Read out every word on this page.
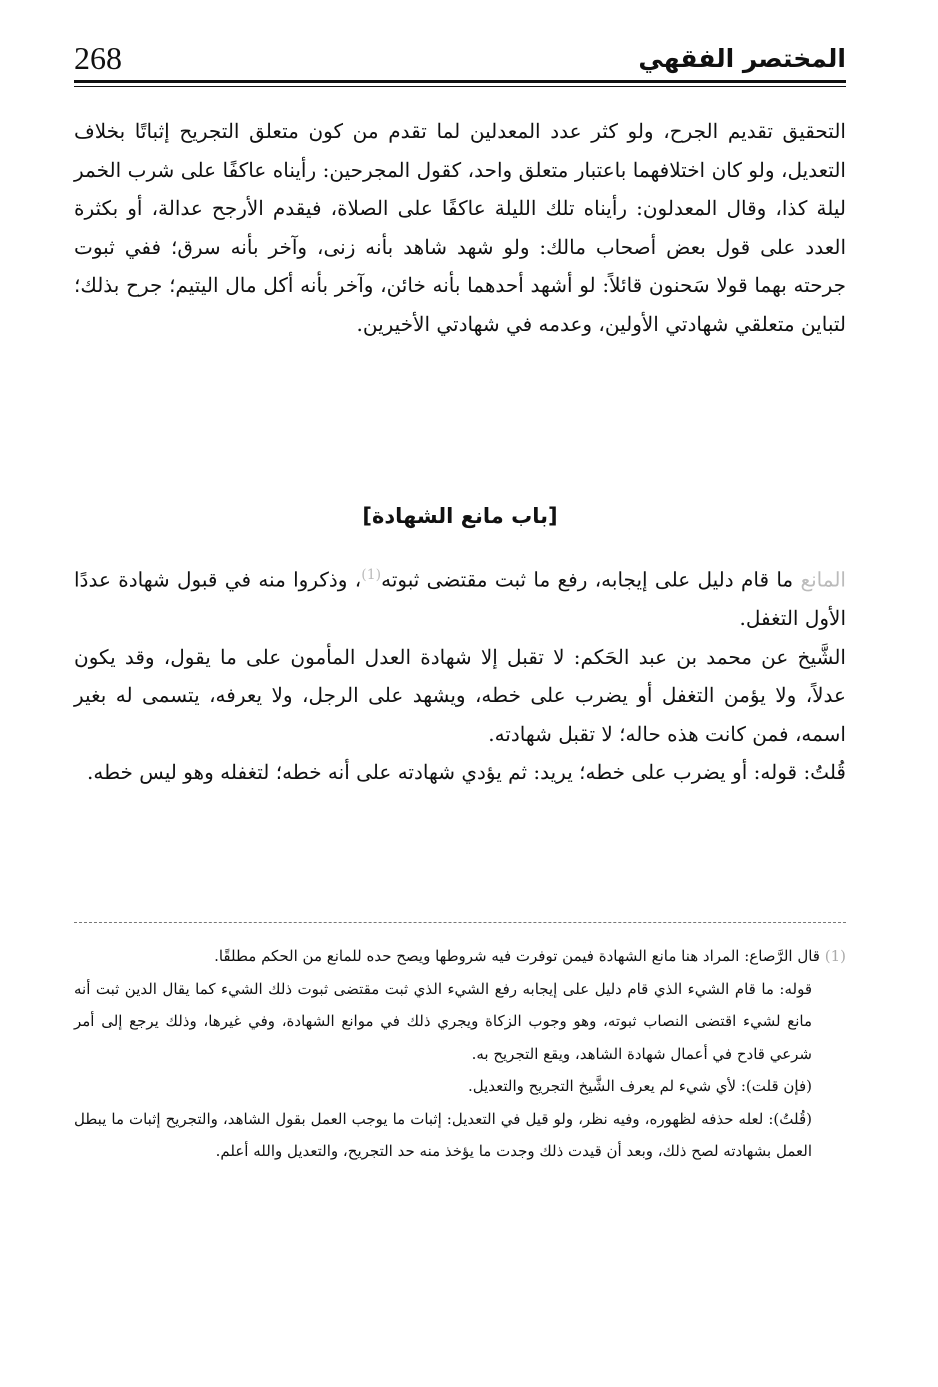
268	المختصر الفقهي

التحقيق تقديم الجرح، ولو كثر عدد المعدلين لما تقدم من كون متعلق التجريح إثباتًا بخلاف التعديل، ولو كان اختلافهما باعتبار متعلق واحد، كقول المجرحين: رأيناه عاكفًا على شرب الخمر ليلة كذا، وقال المعدلون: رأيناه تلك الليلة عاكفًا على الصلاة، فيقدم الأرجح عدالة، أو بكثرة العدد على قول بعض أصحاب مالك: ولو شهد شاهد بأنه زنى، وآخر بأنه سرق؛ ففي ثبوت جرحته بهما قولا سَحنون قائلاً: لو أشهد أحدهما بأنه خائن، وآخر بأنه أكل مال اليتيم؛ جرح بذلك؛ لتباين متعلقي شهادتي الأولين، وعدمه في شهادتي الأخيرين.

[باب مانع الشهادة]

المانع ما قام دليل على إيجابه، رفع ما ثبت مقتضى ثبوته$^{(1)}$، وذكروا منه في قبول شهادة عددًا الأول التغفل.

الشَّيخ عن محمد بن عبد الحَكم: لا تقبل إلا شهادة العدل المأمون على ما يقول، وقد يكون عدلاً، ولا يؤمن التغفل أو يضرب على خطه، ويشهد على الرجل، ولا يعرفه، يتسمى له بغير اسمه، فمن كانت هذه حاله؛ لا تقبل شهادته.

قُلتُ: قوله: أو يضرب على خطه؛ يريد: ثم يؤدي شهادته على أنه خطه؛ لتغفله وهو ليس خطه.

(1) قال الرَّصاع: المراد هنا مانع الشهادة فيمن توفرت فيه شروطها ويصح حده للمانع من الحكم مطلقًا.

قوله: ما قام الشيء الذي قام دليل على إيجابه رفع الشيء الذي ثبت مقتضى ثبوت ذلك الشيء كما يقال الدين ثبت أنه مانع لشيء اقتضى النصاب ثبوته، وهو وجوب الزكاة ويجري ذلك في موانع الشهادة، وفي غيرها، وذلك يرجع إلى أمر شرعي قادح في أعمال شهادة الشاهد، ويقع التجريح به.

(فإن قلت): لأي شيء لم يعرف الشَّيخ التجريح والتعديل.

(قُلتُ): لعله حذفه لظهوره، وفيه نظر، ولو قيل في التعديل: إثبات ما يوجب العمل بقول الشاهد، والتجريح إثبات ما يبطل العمل بشهادته لصح ذلك، وبعد أن قيدت ذلك وجدت ما يؤخذ منه حد التجريح، والتعديل والله أعلم.
